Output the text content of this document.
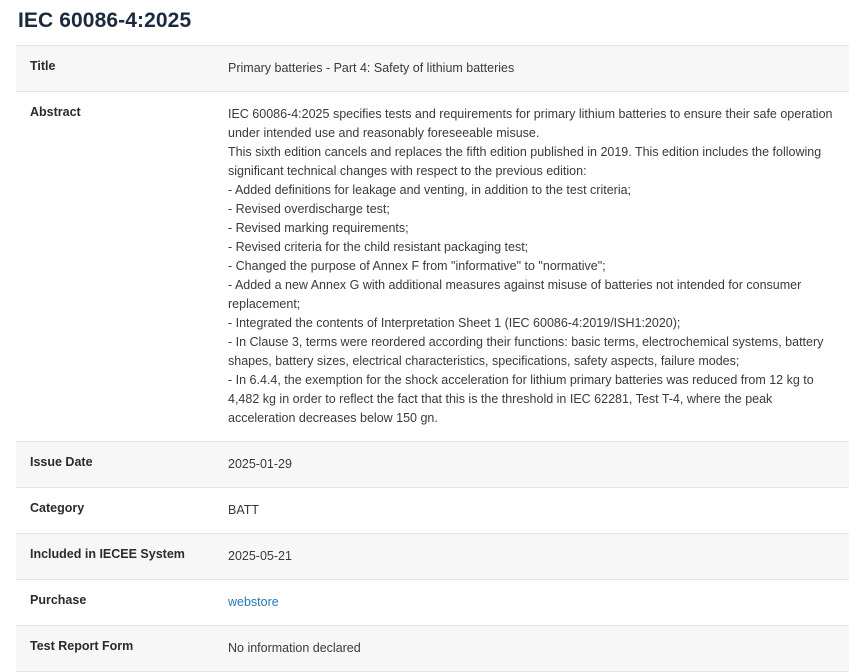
IEC 60086-4:2025
Title	Primary batteries - Part 4: Safety of lithium batteries
Abstract	IEC 60086-4:2025 specifies tests and requirements for primary lithium batteries to ensure their safe operation under intended use and reasonably foreseeable misuse.

This sixth edition cancels and replaces the fifth edition published in 2019. This edition includes the following significant technical changes with respect to the previous edition:

- Added definitions for leakage and venting, in addition to the test criteria;

- Revised overdischarge test;

- Revised marking requirements;

- Revised criteria for the child resistant packaging test;

- Changed the purpose of Annex F from "informative" to "normative";

- Added a new Annex G with additional measures against misuse of batteries not intended for consumer replacement;

- Integrated the contents of Interpretation Sheet 1 (IEC 60086-4:2019/ISH1:2020);

- In Clause 3, terms were reordered according their functions: basic terms, electrochemical systems, battery shapes, battery sizes, electrical characteristics, specifications, safety aspects, failure modes;

- In 6.4.4, the exemption for the shock acceleration for lithium primary batteries was reduced from 12 kg to 4,482 kg in order to reflect the fact that this is the threshold in IEC 62281, Test T-4, where the peak acceleration decreases below 150 gn.

Issue Date	2025-01-29
Category	BATT
Included in IECEE System	2025-05-21
Purchase	webstore
Test Report Form	No information declared
